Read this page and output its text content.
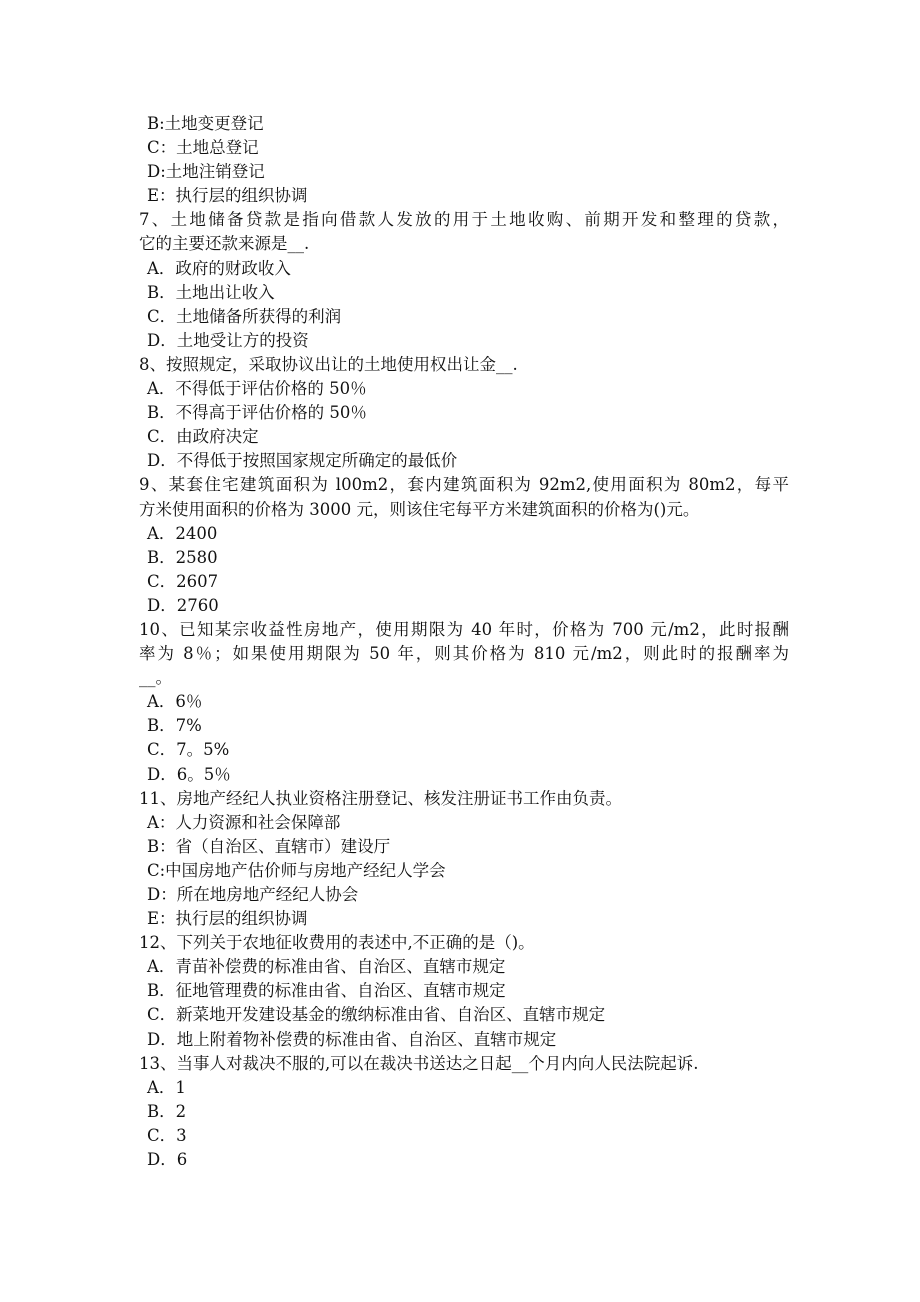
B:土地变更登记

C：土地总登记

D:土地注销登记

E：执行层的组织协调

7、土地储备贷款是指向借款人发放的用于土地收购、前期开发和整理的贷款，

它的主要还款来源是__.

A．政府的财政收入

B．土地出让收入

C．土地储备所获得的利润

D．土地受让方的投资

8、按照规定，采取协议出让的土地使用权出让金__.

A．不得低于评估价格的 50％

B．不得高于评估价格的 50％

C．由政府决定

D．不得低于按照国家规定所确定的最低价

9、某套住宅建筑面积为 l00m2，套内建筑面积为 92m2,使用面积为 80m2，每平

方米使用面积的价格为 3000 元，则该住宅每平方米建筑面积的价格为()元。

A．2400

B．2580

C．2607

D．2760

10、已知某宗收益性房地产，使用期限为 40 年时，价格为 700 元/m2，此时报酬

率为 8％；如果使用期限为 50 年，则其价格为 810 元/m2，则此时的报酬率为

__。

A．6％

B．7%

C．7。5%

D．6。5％

11、房地产经纪人执业资格注册登记、核发注册证书工作由负责。

A：人力资源和社会保障部

B：省（自治区、直辖市）建设厅

C:中国房地产估价师与房地产经纪人学会

D：所在地房地产经纪人协会

E：执行层的组织协调

12、下列关于农地征收费用的表述中,不正确的是（)。

A．青苗补偿费的标准由省、自治区、直辖市规定

B．征地管理费的标准由省、自治区、直辖市规定

C．新菜地开发建设基金的缴纳标准由省、自治区、直辖市规定

D．地上附着物补偿费的标准由省、自治区、直辖市规定

13、当事人对裁决不服的,可以在裁决书送达之日起__个月内向人民法院起诉.

A．1

B．2

C．3

D．6
